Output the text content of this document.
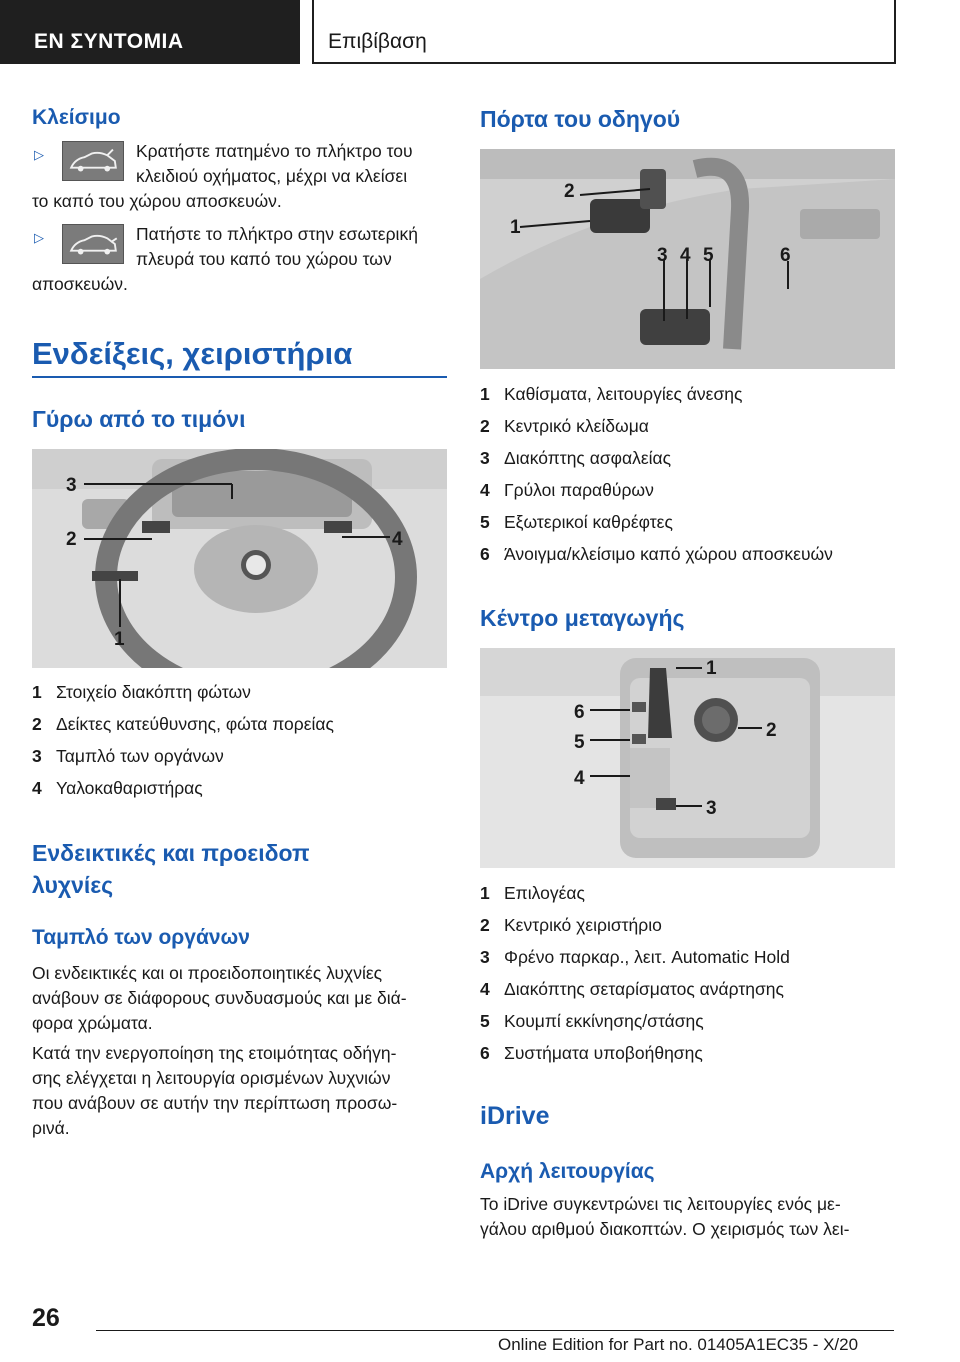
ΕΝ ΣΥΝΤΟΜΙΑ	Επιβίβαση
Κλείσιμο
▷	Κρατήστε πατημένο το πλήκτρο του
κλειδιού οχήματος, μέχρι να κλείσει
το καπό του χώρου αποσκευών.
▷	Πατήστε το πλήκτρο στην εσωτερική
πλευρά του καπό του χώρου των
αποσκευών.
Ενδείξεις, χειριστήρια
Γύρω από το τιμόνι
3
2	4
1
1 Στοιχείο διακόπτη φώτων
2 Δείκτες κατεύθυνσης, φώτα πορείας
3 Ταμπλό των οργάνων
4 Υαλοκαθαριστήρας
Ενδεικτικές και προειδοπ
λυχνίες
Ταμπλό των οργάνων
Οι ενδεικτικές και οι προειδοποιητικές λυχνίες
ανάβουν σε διάφορους συνδυασμούς και με διά-
φορα χρώματα.
Κατά την ενεργοποίηση της ετοιμότητας οδήγη-
σης ελέγχεται η λειτουργία ορισμένων λυχνιών
που ανάβουν σε αυτήν την περίπτωση προσω-
ρινά.
Πόρτα του οδηγού
2
1
3 4 5	6
1 Καθίσματα, λειτουργίες άνεσης
2 Κεντρικό κλείδωμα
3 Διακόπτης ασφαλείας
4 Γρύλοι παραθύρων
5 Εξωτερικοί καθρέφτες
6 Άνοιγμα/κλείσιμο καπό χώρου αποσκευών
Κέντρο μεταγωγής
1
2
3
4
5
6
1 Επιλογέας
2 Κεντρικό χειριστήριο
3 Φρένο παρκαρ., λειτ. Automatic Hold
4 Διακόπτης σεταρίσματος ανάρτησης
5 Κουμπί εκκίνησης/στάσης
6 Συστήματα υποβοήθησης
iDrive
Αρχή λειτουργίας
Το iDrive συγκεντρώνει τις λειτουργίες ενός με-
γάλου αριθμού διακοπτών. Ο χειρισμός των λει-
26
Online Edition for Part no. 01405A1EC35 - X/20
